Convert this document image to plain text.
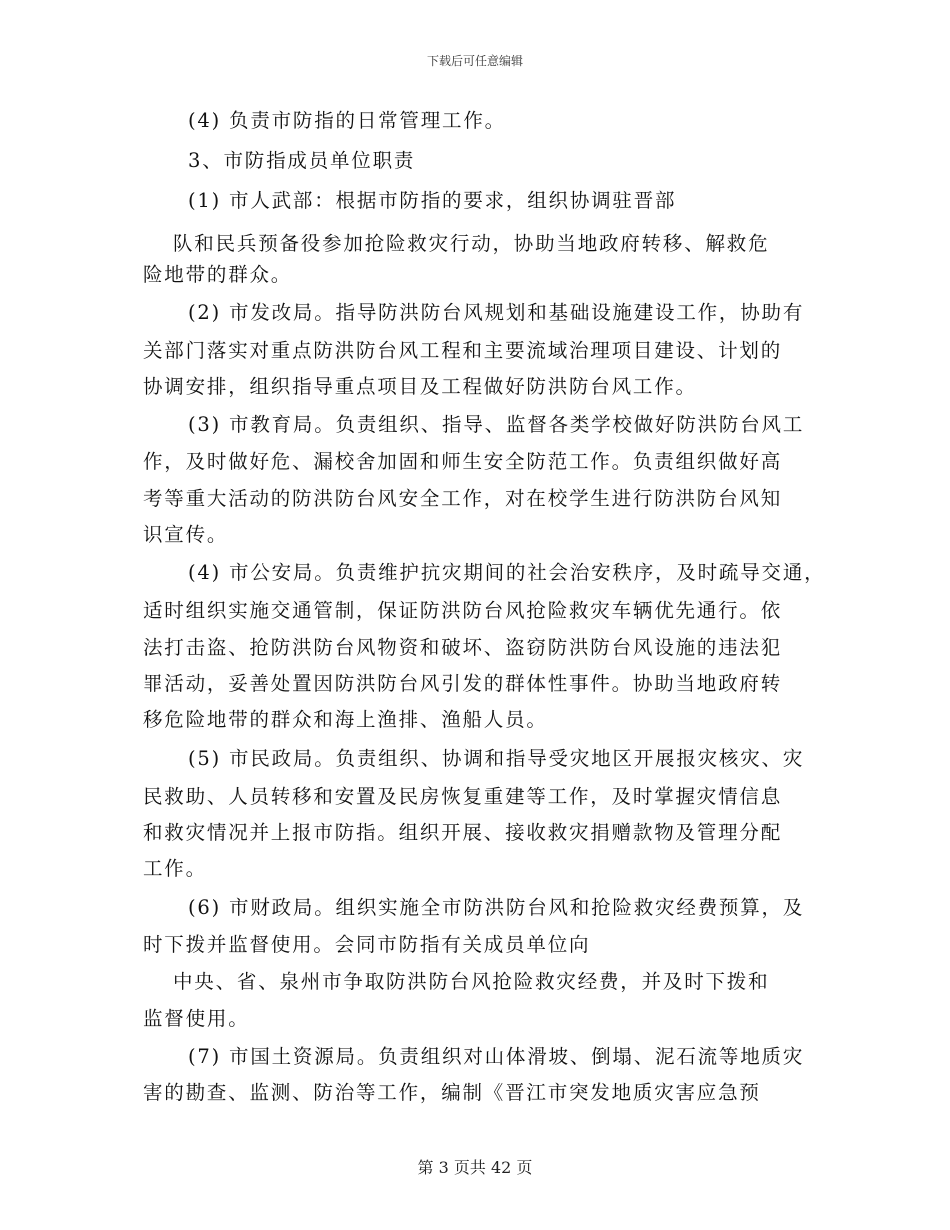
下载后可任意编辑
(4) 负责市防指的日常管理工作。
3、市防指成员单位职责
(1) 市人武部：根据市防指的要求，组织协调驻晋部
队和民兵预备役参加抢险救灾行动，协助当地政府转移、解救危
险地带的群众。
(2) 市发改局。指导防洪防台风规划和基础设施建设工作，协助有
关部门落实对重点防洪防台风工程和主要流域治理项目建设、计划的
协调安排，组织指导重点项目及工程做好防洪防台风工作。
(3) 市教育局。负责组织、指导、监督各类学校做好防洪防台风工
作，及时做好危、漏校舍加固和师生安全防范工作。负责组织做好高
考等重大活动的防洪防台风安全工作，对在校学生进行防洪防台风知
识宣传。
(4) 市公安局。负责维护抗灾期间的社会治安秩序，及时疏导交通，
适时组织实施交通管制，保证防洪防台风抢险救灾车辆优先通行。依
法打击盗、抢防洪防台风物资和破坏、盗窃防洪防台风设施的违法犯
罪活动，妥善处置因防洪防台风引发的群体性事件。协助当地政府转
移危险地带的群众和海上渔排、渔船人员。
(5) 市民政局。负责组织、协调和指导受灾地区开展报灾核灾、灾
民救助、人员转移和安置及民房恢复重建等工作，及时掌握灾情信息
和救灾情况并上报市防指。组织开展、接收救灾捐赠款物及管理分配
工作。
(6) 市财政局。组织实施全市防洪防台风和抢险救灾经费预算，及
时下拨并监督使用。会同市防指有关成员单位向
中央、省、泉州市争取防洪防台风抢险救灾经费，并及时下拨和
监督使用。
(7) 市国土资源局。负责组织对山体滑坡、倒塌、泥石流等地质灾
害的勘查、监测、防治等工作，编制《晋江市突发地质灾害应急预
第 3 页共 42 页
